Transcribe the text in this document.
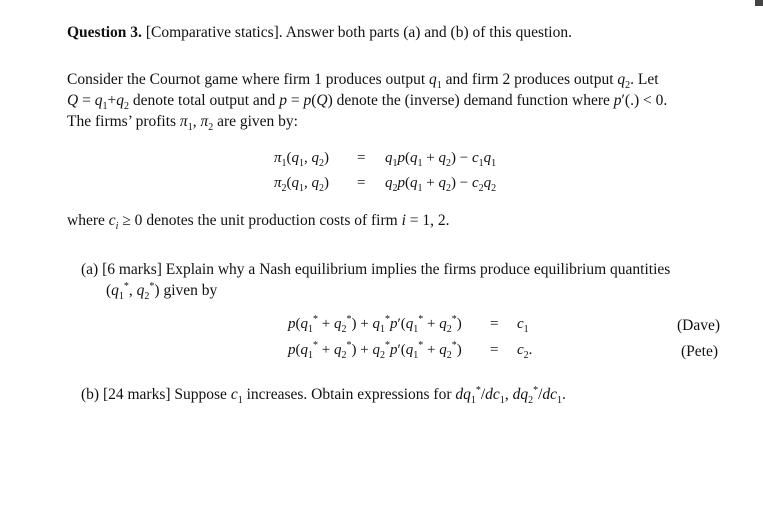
Question 3. [Comparative statics]. Answer both parts (a) and (b) of this question.
Consider the Cournot game where firm 1 produces output $q_1$ and firm 2 produces output $q_2$. Let
$Q = q_1+q_2$ denote total output and p = p(Q) denote the (inverse) demand function where p′(.) < 0.
The firms’ profits $\pi_1$, $\pi_2$ are given by:
$\pi_1(q_1$, $q_2) = q_1p(q_1 + q_2) - c_1q_1$
$\pi_2(q_1$, $q_2) = q_2p(q_1 + q_2) - c_2q_2$
where $c_i \ge 0$ denotes the unit production costs of firm i = 1, 2.
(a) [6 marks] Explain why a Nash equilibrium implies the firms produce equilibrium quantities
($q_1^*$, $q_2^*$) given by
$p(q_1^* + q_2^*) + q_1^*p'(q_1^* + q_2^*) = c_1$	(Dave)
$p(q_1^* + q_2^*) + q_2^*p'(q_1^* + q_2^*) = c_2$.	(Pete)
(b) [24 marks] Suppose $c_1$ increases. Obtain expressions for $dq_1^*/dc_1$, $dq_2^*/dc_1$.
